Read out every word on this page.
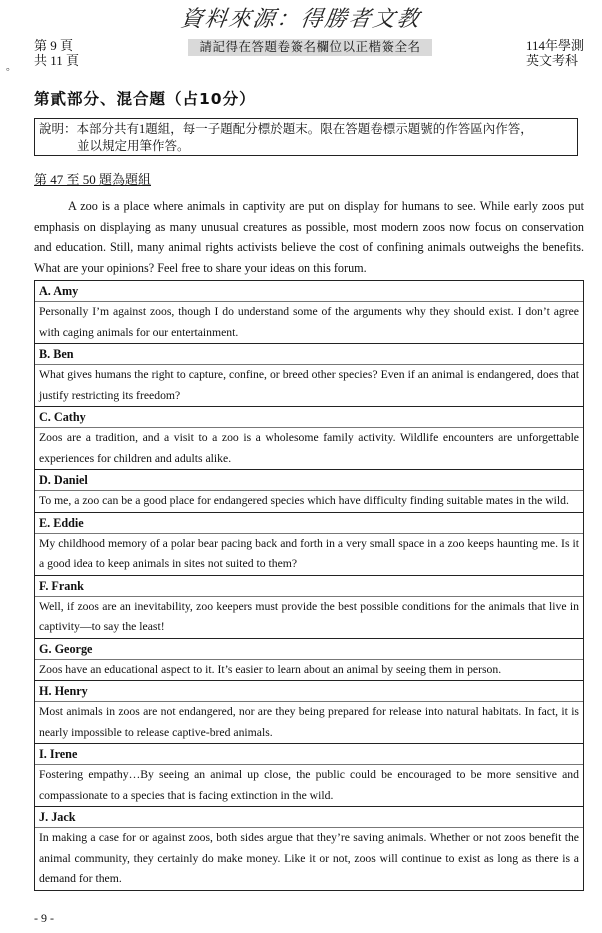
資料來源：得勝者文教
第 9 頁
共 11 頁
。
請記得在答題卷簽名欄位以正楷簽全名	114年學測
英文考科
第貳部分、混合題（占10分）
說明：本部分共有1題組，每一子題配分標於題末。限在答題卷標示題號的作答區內作答，
並以規定用筆作答。
第 47 至 50 題為題組
A zoo is a place where animals in captivity are put on display for humans to see. While early zoos put emphasis on displaying as many unusual creatures as possible, most modern zoos now focus on conservation and education. Still, many animal rights activists believe the cost of confining animals outweighs the benefits. What are your opinions? Feel free to share your ideas on this forum.
A. Amy
Personally I’m against zoos, though I do understand some of the arguments why they should exist. I don’t agree with caging animals for our entertainment.
B. Ben
What gives humans the right to capture, confine, or breed other species? Even if an animal is endangered, does that justify restricting its freedom?
C. Cathy
Zoos are a tradition, and a visit to a zoo is a wholesome family activity. Wildlife encounters are unforgettable experiences for children and adults alike.
D. Daniel
To me, a zoo can be a good place for endangered species which have difficulty finding suitable mates in the wild.
E. Eddie
My childhood memory of a polar bear pacing back and forth in a very small space in a zoo keeps haunting me. Is it a good idea to keep animals in sites not suited to them?
F. Frank
Well, if zoos are an inevitability, zoo keepers must provide the best possible conditions for the animals that live in captivity—to say the least!
G. George
Zoos have an educational aspect to it. It’s easier to learn about an animal by seeing them in person.
H. Henry
Most animals in zoos are not endangered, nor are they being prepared for release into natural habitats. In fact, it is nearly impossible to release captive-bred animals.
I. Irene
Fostering empathy…By seeing an animal up close, the public could be encouraged to be more sensitive and compassionate to a species that is facing extinction in the wild.
J. Jack
In making a case for or against zoos, both sides argue that they’re saving animals. Whether or not zoos benefit the animal community, they certainly do make money. Like it or not, zoos will continue to exist as long as there is a demand for them.
- 9 -
